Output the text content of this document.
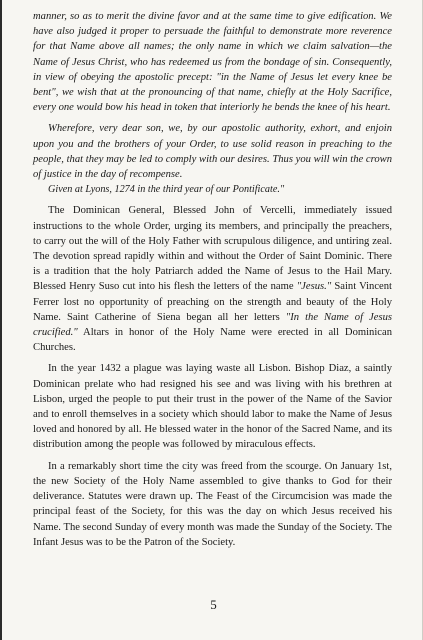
manner, so as to merit the divine favor and at the same time to give edification. We have also judged it proper to persuade the faithful to demonstrate more reverence for that Name above all names; the only name in which we claim salvation—the Name of Jesus Christ, who has redeemed us from the bondage of sin. Consequently, in view of obeying the apostolic precept: "in the Name of Jesus let every knee be bent", we wish that at the pronouncing of that name, chiefly at the Holy Sacrifice, every one would bow his head in token that interiorly he bends the knee of his heart.

Wherefore, very dear son, we, by our apostolic authority, exhort, and enjoin upon you and the brothers of your Order, to use solid reason in preaching to the people, that they may be led to comply with our desires. Thus you will win the crown of justice in the day of recompense.

Given at Lyons, 1274 in the third year of our Pontificate."

The Dominican General, Blessed John of Vercelli, immediately issued instructions to the whole Order, urging its members, and principally the preachers, to carry out the will of the Holy Father with scrupulous diligence, and untiring zeal. The devotion spread rapidly within and without the Order of Saint Dominic. There is a tradition that the holy Patriarch added the Name of Jesus to the Hail Mary. Blessed Henry Suso cut into his flesh the letters of the name "Jesus." Saint Vincent Ferrer lost no opportunity of preaching on the strength and beauty of the Holy Name. Saint Catherine of Siena began all her letters "In the Name of Jesus crucified." Altars in honor of the Holy Name were erected in all Dominican Churches.

In the year 1432 a plague was laying waste all Lisbon. Bishop Diaz, a saintly Dominican prelate who had resigned his see and was living with his brethren at Lisbon, urged the people to put their trust in the power of the Name of the Savior and to enroll themselves in a society which should labor to make the Name of Jesus loved and honored by all. He blessed water in the honor of the Sacred Name, and its distribution among the people was followed by miraculous effects.

In a remarkably short time the city was freed from the scourge. On January 1st, the new Society of the Holy Name assembled to give thanks to God for their deliverance. Statutes were drawn up. The Feast of the Circumcision was made the principal feast of the Society, for this was the day on which Jesus received his Name. The second Sunday of every month was made the Sunday of the Society. The Infant Jesus was to be the Patron of the Society.

5
